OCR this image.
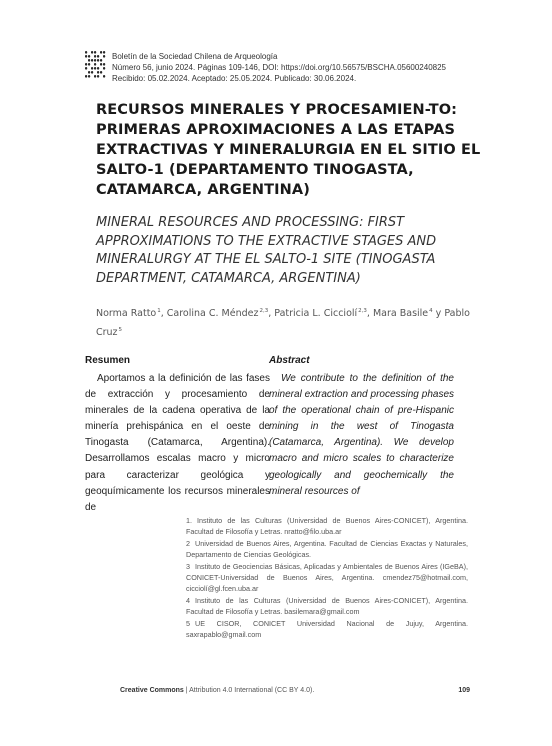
Boletín de la Sociedad Chilena de Arqueología
Número 56, junio 2024. Páginas 109-146, DOI: https://doi.org/10.56575/BSCHA.05600240825
Recibido: 05.02.2024. Aceptado: 25.05.2024. Publicado: 30.06.2024.
RECURSOS MINERALES Y PROCESAMIEN-TO: PRIMERAS APROXIMACIONES A LAS ETAPAS EXTRACTIVAS Y MINERALURGIA EN EL SITIO EL SALTO-1 (DEPARTAMENTO TINOGASTA, CATAMARCA, ARGENTINA)

MINERAL RESOURCES AND PROCESSING: FIRST APPROXIMATIONS TO THE EXTRACTIVE STAGES AND MINERALURGY AT THE EL SALTO-1 SITE (TINOGASTA DEPARTMENT, CATAMARCA, ARGENTINA)

Norma Ratto$^1$, Carolina C. Méndez$^{2,3}$, Patricia L. Cicciolí$^{2,3}$, Mara Basile$^4$ y Pablo Cruz$^5$
Resumen

Aportamos a la definición de las fases de extracción y procesamiento de minerales de la cadena operativa de la minería prehispánica en el oeste de Tinogasta (Catamarca, Argentina). Desarrollamos escalas macro y micro para caracterizar geológica y geoquímicamente los recursos minerales de

Abstract

We contribute to the definition of the mineral extraction and processing phases of the operational chain of pre-Hispanic mining in the west of Tinogasta (Catamarca, Argentina). We develop macro and micro scales to characterize geologically and geochemically the mineral resources of

1. Instituto de las Culturas (Universidad de Buenos Aires-CONICET), Argentina. Facultad de Filosofía y Letras. nratto@filo.uba.ar

2 Universidad de Buenos Aires, Argentina. Facultad de Ciencias Exactas y Naturales, Departamento de Ciencias Geológicas.

3 Instituto de Geociencias Básicas, Aplicadas y Ambientales de Buenos Aires (IGeBA), CONICET-Universidad de Buenos Aires, Argentina. cmendez75@hotmail.com, cicciolí@gl.fcen.uba.ar

4 Instituto de las Culturas (Universidad de Buenos Aires-CONICET), Argentina. Facultad de Filosofía y Letras. basilemara@gmail.com

5 UE CISOR, CONICET Universidad Nacional de Jujuy, Argentina. saxrapablo@gmail.com

Creative Commons | Attribution 4.0 International (CC BY 4.0).	109
